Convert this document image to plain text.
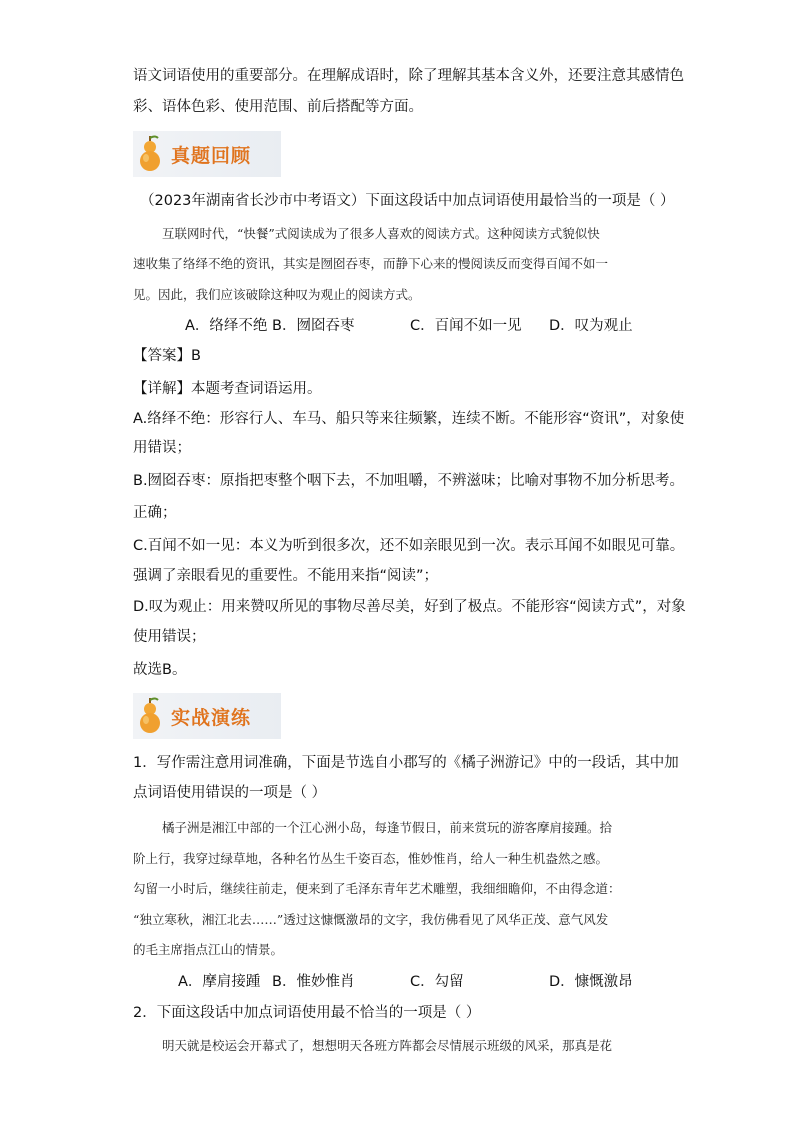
语文词语使用的重要部分。在理解成语时，除了理解其基本含义外，还要注意其感情色
彩、语体色彩、使用范围、前后搭配等方面。
真题回顾
（2023年湖南省长沙市中考语文）下面这段话中加点词语使用最恰当的一项是（ ）
互联网时代，“快餐”式阅读成为了很多人喜欢的阅读方式。这种阅读方式貌似快
速收集了络绎不绝的资讯，其实是囫囵吞枣，而静下心来的慢阅读反而变得百闻不如一
见。因此，我们应该破除这种叹为观止的阅读方式。
A．络绎不绝 B．囫囵吞枣	C．百闻不如一见 D．叹为观止
【答案】B
【详解】本题考查词语运用。
A.络绎不绝：形容行人、车马、船只等来往频繁，连续不断。不能形容“资讯”，对象使
用错误；
B.囫囵吞枣：原指把枣整个咽下去，不加咀嚼，不辨滋味；比喻对事物不加分析思考。
正确；
C.百闻不如一见：本义为听到很多次，还不如亲眼见到一次。表示耳闻不如眼见可靠。
强调了亲眼看见的重要性。不能用来指“阅读”；
D.叹为观止：用来赞叹所见的事物尽善尽美，好到了极点。不能形容“阅读方式”，对象
使用错误；
故选B。
实战演练
1．写作需注意用词准确，下面是节选自小郡写的《橘子洲游记》中的一段话，其中加
点词语使用错误的一项是（ ）
橘子洲是湘江中部的一个江心洲小岛，每逢节假日，前来赏玩的游客摩肩接踵。拾
阶上行，我穿过绿草地，各种名竹丛生千姿百态，惟妙惟肖，给人一种生机盎然之感。
勾留一小时后，继续往前走，便来到了毛泽东青年艺术雕塑，我细细瞻仰，不由得念道：
“独立寒秋，湘江北去……”透过这慷慨激昂的文字，我仿佛看见了风华正茂、意气风发
的毛主席指点江山的情景。
A．摩肩接踵 B．惟妙惟肖	C．勾留	D．慷慨激昂
2．下面这段话中加点词语使用最不恰当的一项是（ ）
明天就是校运会开幕式了，想想明天各班方阵都会尽情展示班级的风采，那真是花
